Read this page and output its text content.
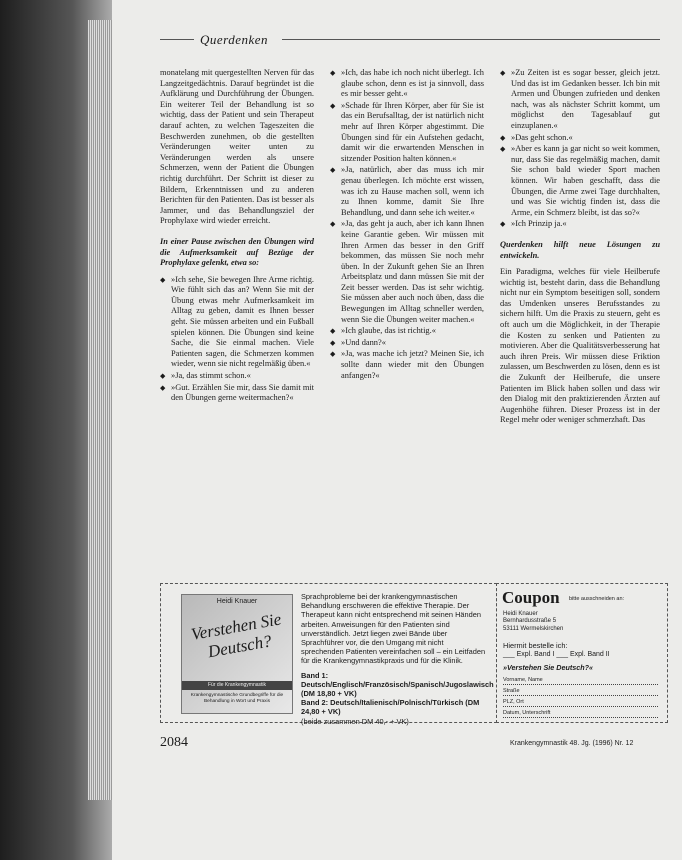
Querdenken

monatelang mit quergestellten Nerven für das Langzeitgedächtnis. Darauf begründet ist die Aufklärung und Durchführung der Übungen. Ein weiterer Teil der Behandlung ist so wichtig, dass der Patient und sein Therapeut darauf achten, zu welchen Tageszeiten die Beschwerden zunehmen, ob die gestellten Veränderungen weiter unten zu Veränderungen werden als unsere Schmerzen, wenn der Patient die Übungen richtig durchführt. Der Schritt ist dieser zu Bildern, Erkenntnissen und zu anderen Berichten für den Patienten. Das ist besser als Jammer, und das Behandlungsziel der Prophylaxe wird wieder erreicht.

In einer Pause zwischen den Übungen wird die Aufmerksamkeit auf Bezüge der Prophylaxe gelenkt, etwa so:

◆ »Ich sehe, Sie bewegen Ihre Arme richtig. Wie fühlt sich das an? Wenn Sie mit der Übung etwas mehr Aufmerksamkeit im Alltag zu geben, damit es Ihnen besser geht. Sie müssen arbeiten und ein Fußball spielen können. Die Übungen sind keine Sache, die Sie einmal machen. Viele Patienten sagen, die Schmerzen kommen wieder, wenn sie nicht regelmäßig üben.«
◆ »Ja, das stimmt schon.«
◆ »Gut. Erzählen Sie mir, dass Sie damit mit den Übungen gerne weitermachen?«
◆ »Ich, das habe ich noch nicht überlegt. Ich glaube schon, denn es ist ja sinnvoll, dass es mir besser geht.«
◆ »Schade für Ihren Körper, aber für Sie ist das ein Berufsalltag, der ist natürlich nicht mehr auf Ihren Körper abgestimmt. Die Übungen sind für ein Aufstehen gedacht, damit wir die erwartenden Menschen in sitzender Position halten können.«
◆ »Ja, natürlich, aber das muss ich mir genau überlegen. Ich möchte erst wissen, was ich zu Hause machen soll, wenn ich zu Ihnen komme, damit Sie Ihre Behandlung, und dann sehe ich weiter.«
◆ »Ja, das geht ja auch, aber ich kann Ihnen keine Garantie geben. Wir müssen mit Ihren Armen das besser in den Griff bekommen, das müssen Sie noch mehr üben. In der Zukunft gehen Sie an Ihren Arbeitsplatz und dann müssen Sie mit der Zeit besser werden. Das ist sehr wichtig. Sie müssen aber auch noch üben, dass die Bewegungen im Alltag schneller werden, wenn Sie die Übungen weiter machen.«
◆ »Ich glaube, das ist richtig.«
◆ »Und dann?«
◆ »Ja, was mache ich jetzt? Meinen Sie, ich sollte dann wieder mit den Übungen anfangen?«
◆ »Zu Zeiten ist es sogar besser, gleich jetzt. Und das ist im Gedanken besser. Ich bin mit Armen und Übungen zufrieden und denken nach, was als nächster Schritt kommt, um möglichst den Tagesablauf gut einzuplanen.«
◆ »Das geht schon.«
◆ »Aber es kann ja gar nicht so weit kommen, nur, dass Sie das regelmäßig machen, damit Sie schon bald wieder Sport machen können. Wir haben geschafft, dass die Übungen, die Arme zwei Tage durchhalten, und was Sie wichtig finden ist, dass die Arme, ein Schmerz bleibt, ist das so?«
◆ »Ich Prinzip ja.«

Querdenken hilft neue Lösungen zu entwickeln.

Ein Paradigma, welches für viele Heilberufe wichtig ist, besteht darin, dass die Behandlung nicht nur ein Symptom beseitigen soll, sondern das Umdenken unseres Berufsstandes zu sichern hilft. Um die Praxis zu steuern, geht es oft auch um die Möglichkeit, in der Therapie die Kosten zu senken und Patienten zu motivieren. Aber die Qualitätsverbesserung hat auch ihren Preis. Wir müssen diese Friktion zulassen, um Beschwerden zu lösen, denn es ist die Zukunft der Heilberufe, die unsere Patienten im Blick haben sollen und dass wir den Dialog mit den praktizierenden Ärzten auf Augenhöhe führen. Dieser Prozess ist in der Regel mehr oder weniger schmerzhaft. Das

Heidi Knauer
Verstehen Sie Deutsch?
Für die Krankengymnastik
Krankengymnastische Grundbegriffe für die Behandlung in Wort und Praxis

Sprachprobleme bei der krankengymnastischen Behandlung erschweren die effektive Therapie. Der Therapeut kann nicht entsprechend mit seinen Händen arbeiten. Anweisungen für den Patienten sind unverständlich. Jetzt liegen zwei Bände über Sprachführer vor, die den Umgang mit nicht sprechenden Patienten vereinfachen soll – ein Leitfaden für die Krankengymnastikpraxis und für die Klinik.

Band 1: Deutsch/Englisch/Französisch/Spanisch/Jugoslawisch (DM 18,80 + VK)

Band 2: Deutsch/Italienisch/Polnisch/Türkisch (DM 24,80 + VK)

(beide zusammen DM 40,- + VK)

Coupon bitte ausschneiden an:
Heidi Knauer
Bernhardusstraße 5
53111 Wermelskirchen
Hiermit bestelle ich:
___ Expl. Band I ___ Expl. Band II
»Verstehen Sie Deutsch?«
Vorname, Name
Straße
PLZ, Ort
Datum, Unterschrift
2084	Krankengymnastik 48. Jg. (1996) Nr. 12
